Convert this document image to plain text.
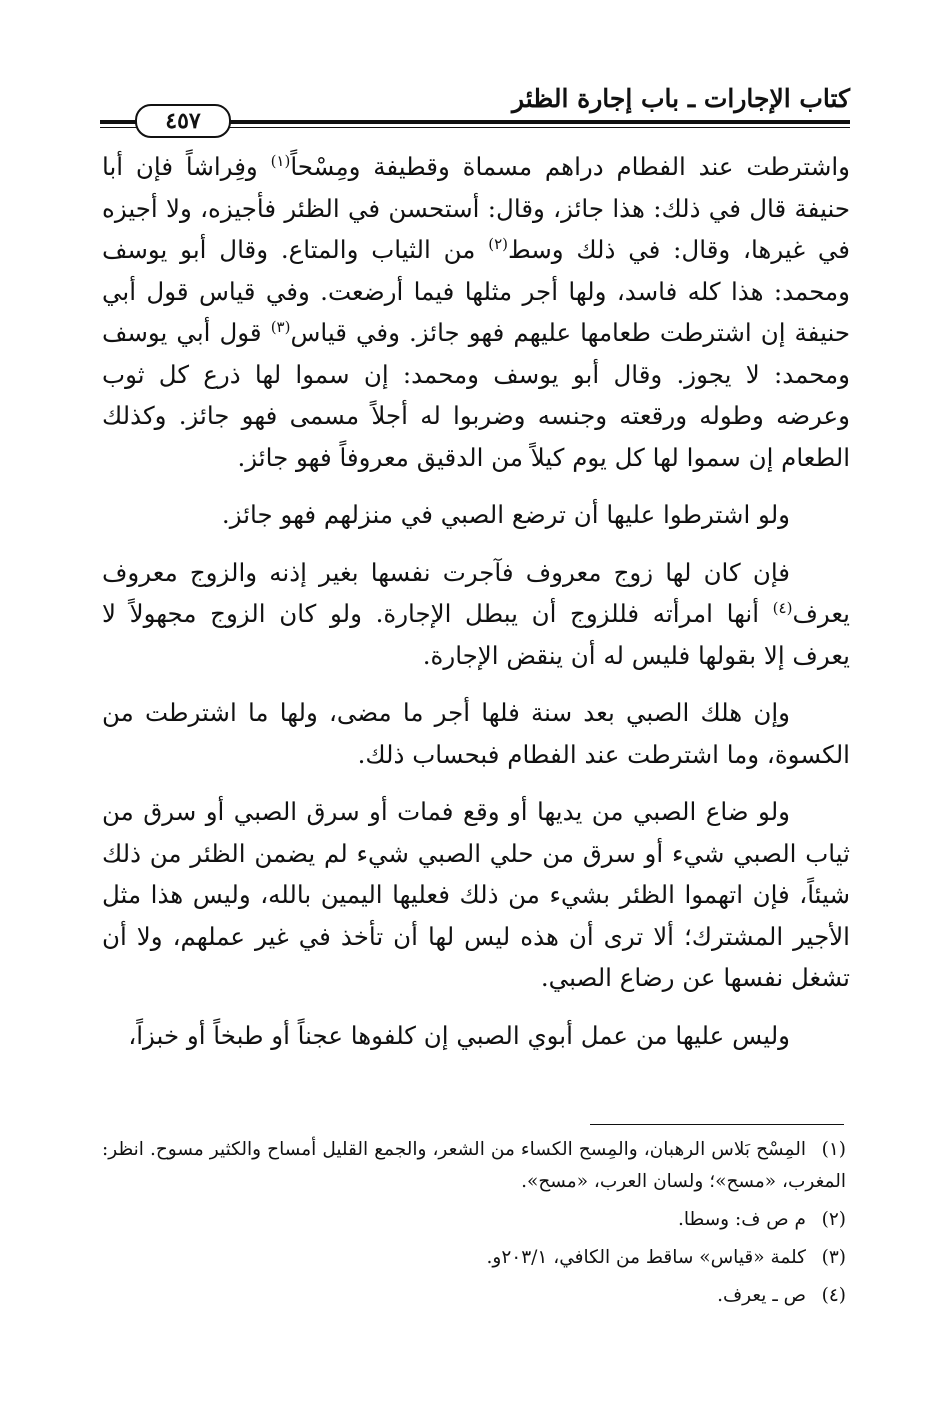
كتاب الإجارات ـ باب إجارة الظئر
٤٥٧

واشترطت عند الفطام دراهم مسماة وقطيفة ومِسْحاً$^{(١)}$ وفِراشاً فإن أبا حنيفة قال في ذلك: هذا جائز، وقال: أستحسن في الظئر فأجيزه، ولا أجيزه في غيرها، وقال: في ذلك وسط$^{(٢)}$ من الثياب والمتاع. وقال أبو يوسف ومحمد: هذا كله فاسد، ولها أجر مثلها فيما أرضعت. وفي قياس قول أبي حنيفة إن اشترطت طعامها عليهم فهو جائز. وفي قياس$^{(٣)}$ قول أبي يوسف ومحمد: لا يجوز. وقال أبو يوسف ومحمد: إن سموا لها ذرع كل ثوب وعرضه وطوله ورقعته وجنسه وضربوا له أجلاً مسمى فهو جائز. وكذلك الطعام إن سموا لها كل يوم كيلاً من الدقيق معروفاً فهو جائز.

ولو اشترطوا عليها أن ترضع الصبي في منزلهم فهو جائز.

فإن كان لها زوج معروف فآجرت نفسها بغير إذنه والزوج معروف يعرف$^{(٤)}$ أنها امرأته فللزوج أن يبطل الإجارة. ولو كان الزوج مجهولاً لا يعرف إلا بقولها فليس له أن ينقض الإجارة.

وإن هلك الصبي بعد سنة فلها أجر ما مضى، ولها ما اشترطت من الكسوة، وما اشترطت عند الفطام فبحساب ذلك.

ولو ضاع الصبي من يديها أو وقع فمات أو سرق الصبي أو سرق من ثياب الصبي شيء أو سرق من حلي الصبي شيء لم يضمن الظئر من ذلك شيئاً، فإن اتهموا الظئر بشيء من ذلك فعليها اليمين بالله، وليس هذا مثل الأجير المشترك؛ ألا ترى أن هذه ليس لها أن تأخذ في غير عملهم، ولا أن تشغل نفسها عن رضاع الصبي.

وليس عليها من عمل أبوي الصبي إن كلفوها عجناً أو طبخاً أو خبزاً،

(١)المِسْح بَلاس الرهبان، والمِسح الكساء من الشعر، والجمع القليل أمساح والكثير مسوح. انظر: المغرب، «مسح»؛ ولسان العرب، «مسح».

(٢)م ص ف: وسطا.

(٣)كلمة «قياس» ساقط من الكافي، ٢٠٣/١و.

(٤)ص ـ يعرف.
